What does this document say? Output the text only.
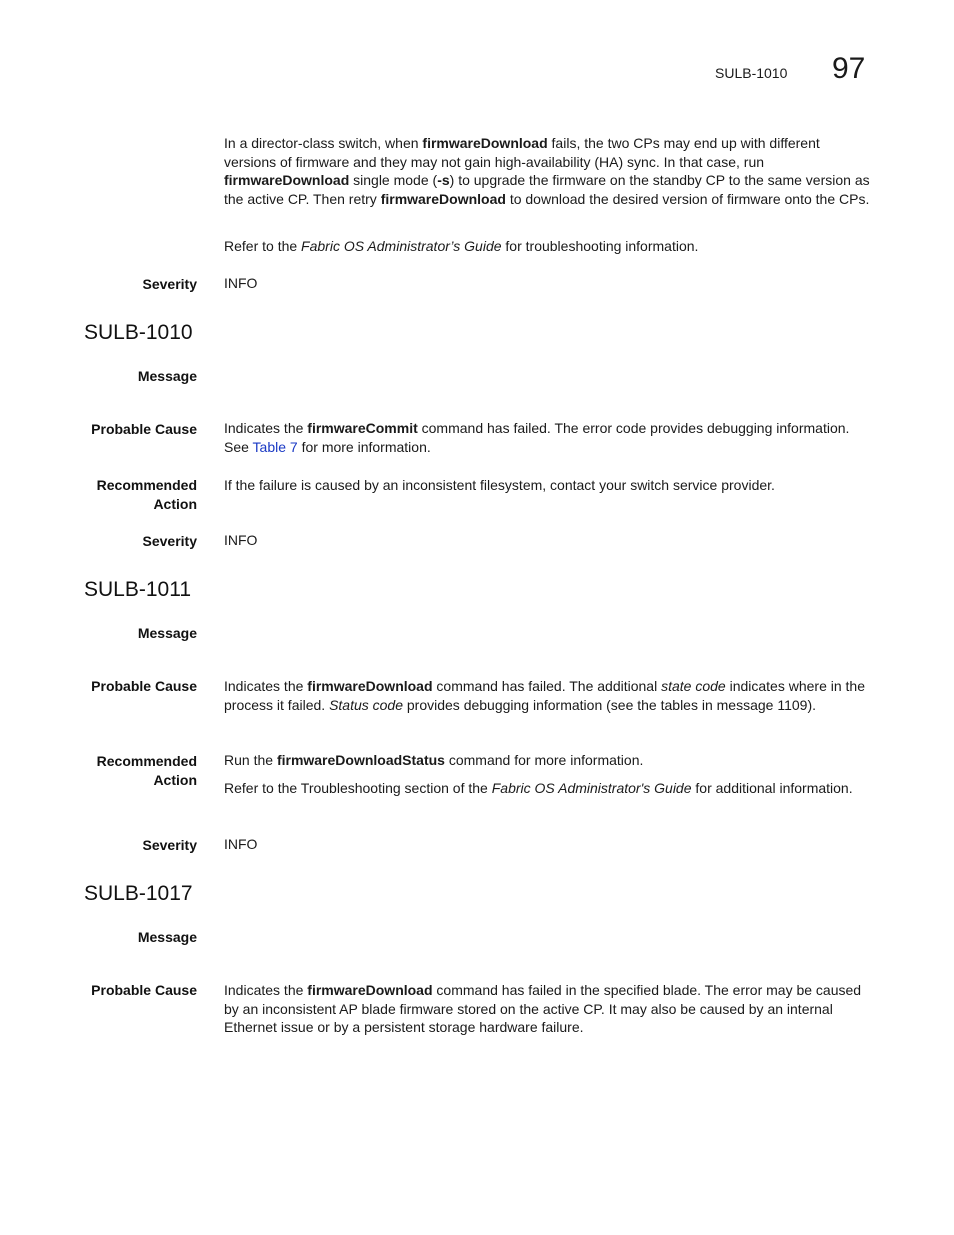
SULB-1010 97

In a director-class switch, when firmwareDownload fails, the two CPs may end up with different versions of firmware and they may not gain high-availability (HA) sync. In that case, run firmwareDownload single mode (-s) to upgrade the firmware on the standby CP to the same version as the active CP. Then retry firmwareDownload to download the desired version of firmware onto the CPs.

Refer to the Fabric OS Administrator’s Guide for troubleshooting information.

Severity INFO
SULB-1010
Message
Probable Cause Indicates the firmwareCommit command has failed. The error code provides debugging information. See Table 7 for more information.

Recommended
Action
If the failure is caused by an inconsistent filesystem, contact your switch service provider.
Severity INFO
SULB-1011
Message
Probable Cause Indicates the firmwareDownload command has failed. The additional state code indicates where in the process it failed. Status code provides debugging information (see the tables in message 1109).

Recommended
Action

Run the firmwareDownloadStatus command for more information.

Refer to the Troubleshooting section of the Fabric OS Administrator's Guide for additional information.

Severity INFO
SULB-1017
Message
Probable Cause Indicates the firmwareDownload command has failed in the specified blade. The error may be caused by an inconsistent AP blade firmware stored on the active CP. It may also be caused by an internal Ethernet issue or by a persistent storage hardware failure.
